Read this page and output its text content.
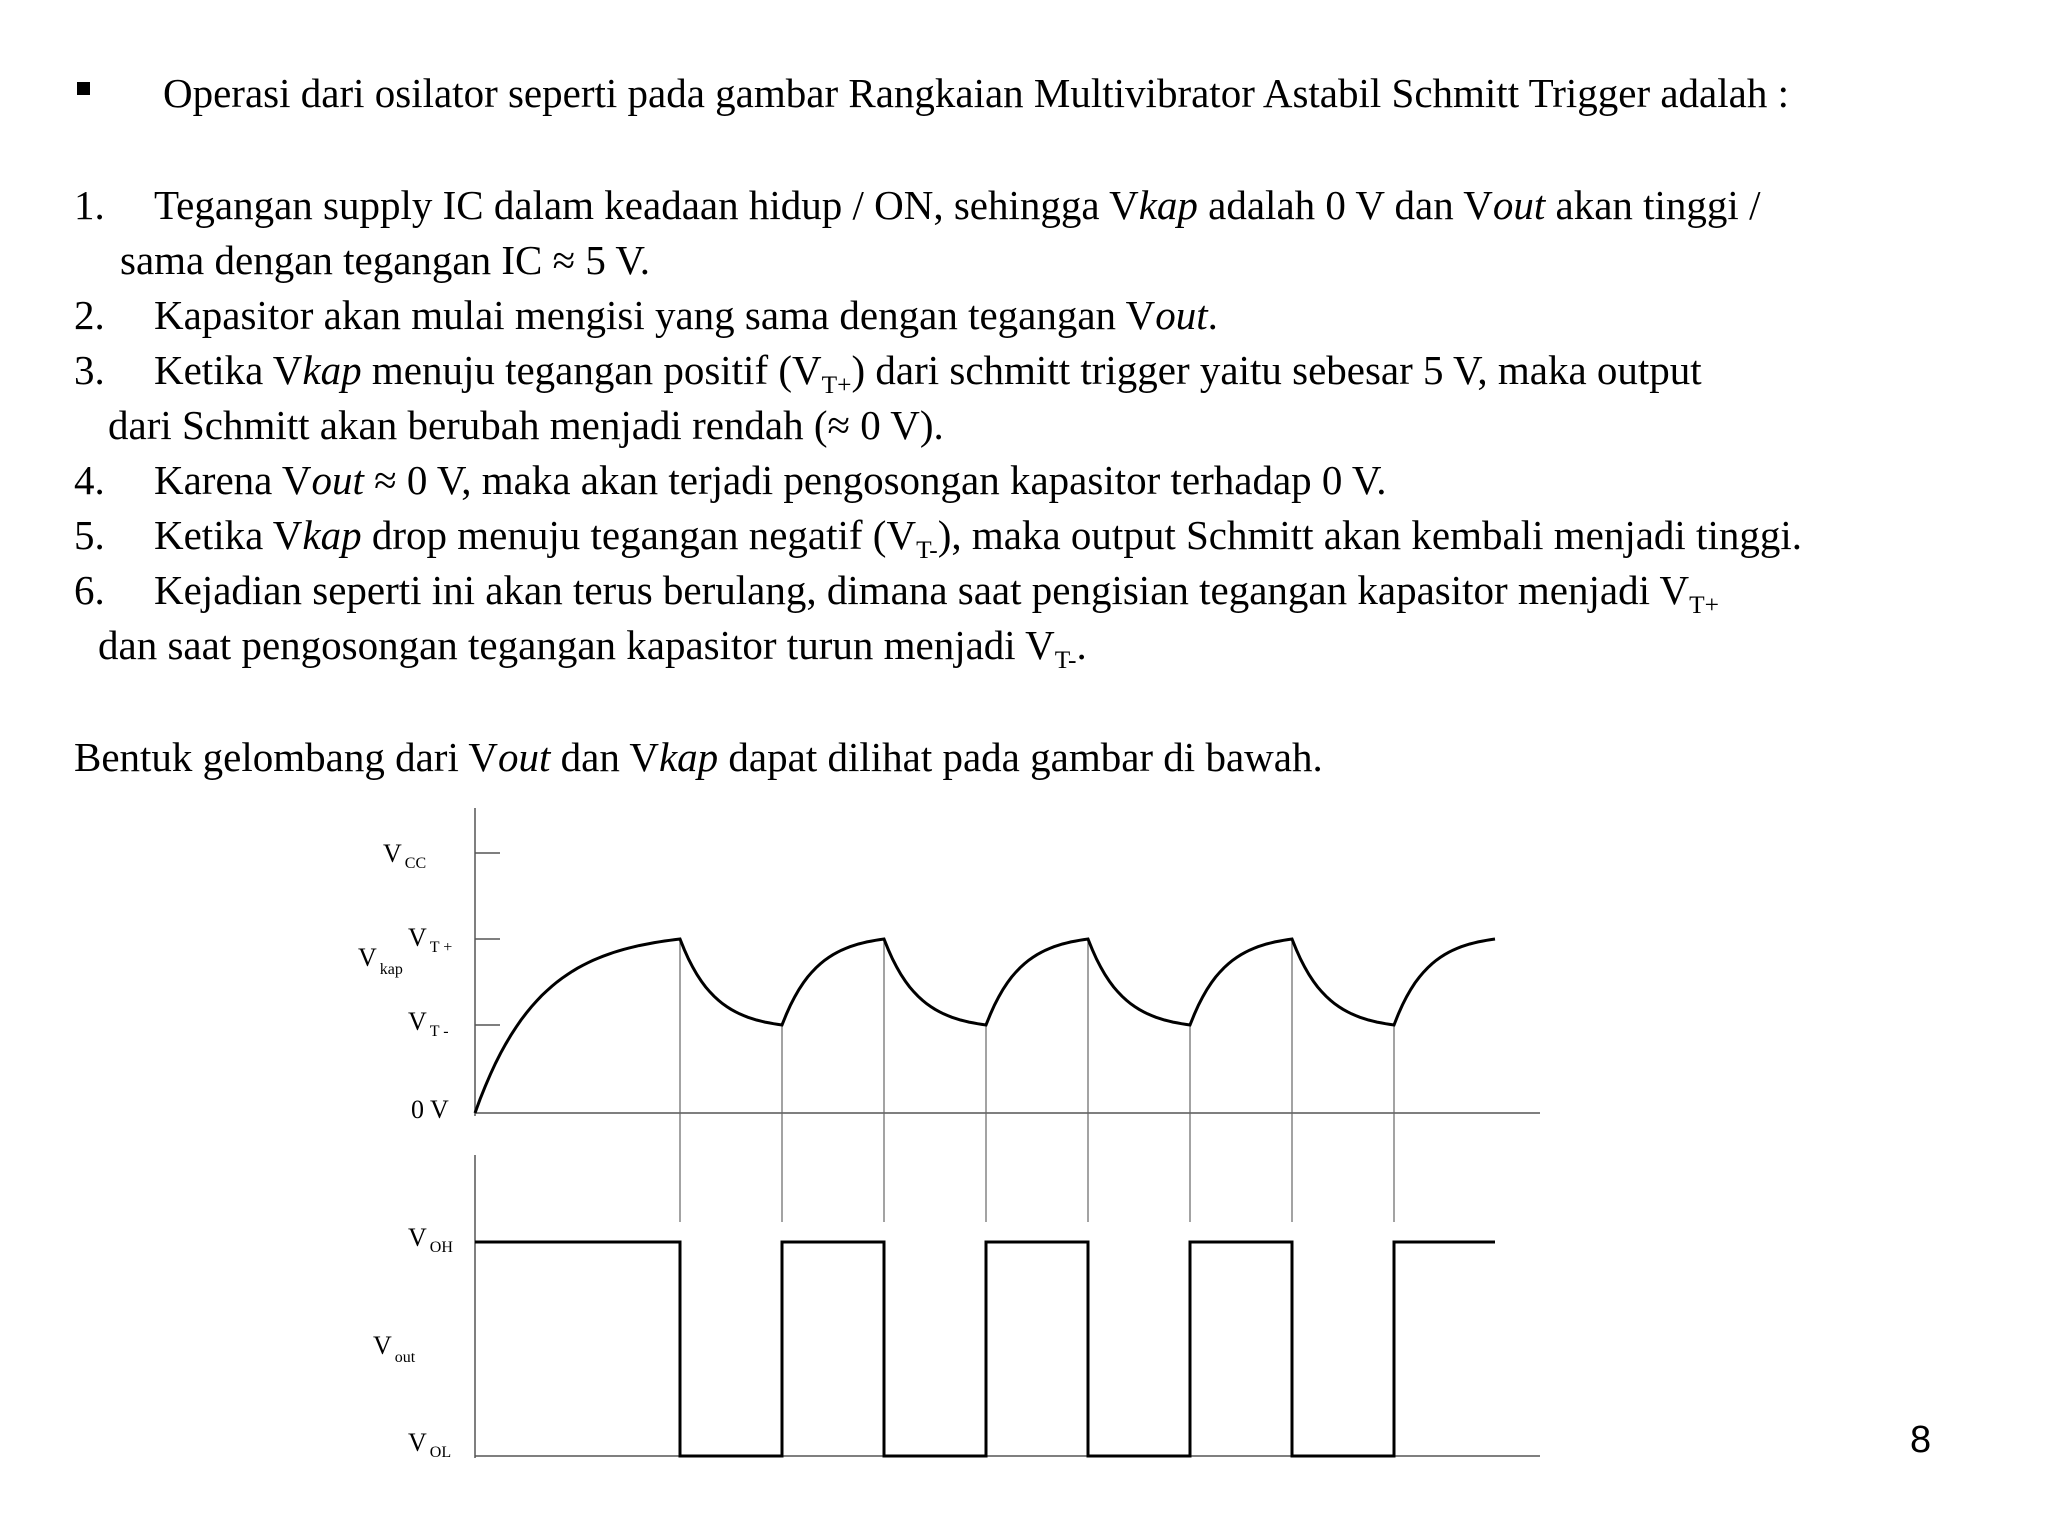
Operasi dari osilator seperti pada gambar Rangkaian Multivibrator Astabil Schmitt Trigger adalah :
1. Tegangan supply IC dalam keadaan hidup / ON, sehingga Vkap adalah 0 V dan Vout akan tinggi /
sama dengan tegangan IC ≈ 5 V.
2. Kapasitor akan mulai mengisi yang sama dengan tegangan Vout.
3. Ketika Vkap menuju tegangan positif $(V_{T+})$ dari schmitt trigger yaitu sebesar 5 V, maka output
dari Schmitt akan berubah menjadi rendah (≈ 0 V).
4. Karena Vout ≈ 0 V, maka akan terjadi pengosongan kapasitor terhadap 0 V.
5. Ketika Vkap drop menuju tegangan negatif $(V_{T-})$, maka output Schmitt akan kembali menjadi tinggi.
6. Kejadian seperti ini akan terus berulang, dimana saat pengisian tegangan kapasitor menjadi $V_{T+}$
dan saat pengosongan tegangan kapasitor turun menjadi $V_{T-}$.
Bentuk gelombang dari Vout dan Vkap dapat dilihat pada gambar di bawah.
V $_{CC}$
V $_{T +}$
V $_{kap}$
V $_{T -}$
0 V
V $_{OH}$
V $_{out}$
V $_{OL}$	8
